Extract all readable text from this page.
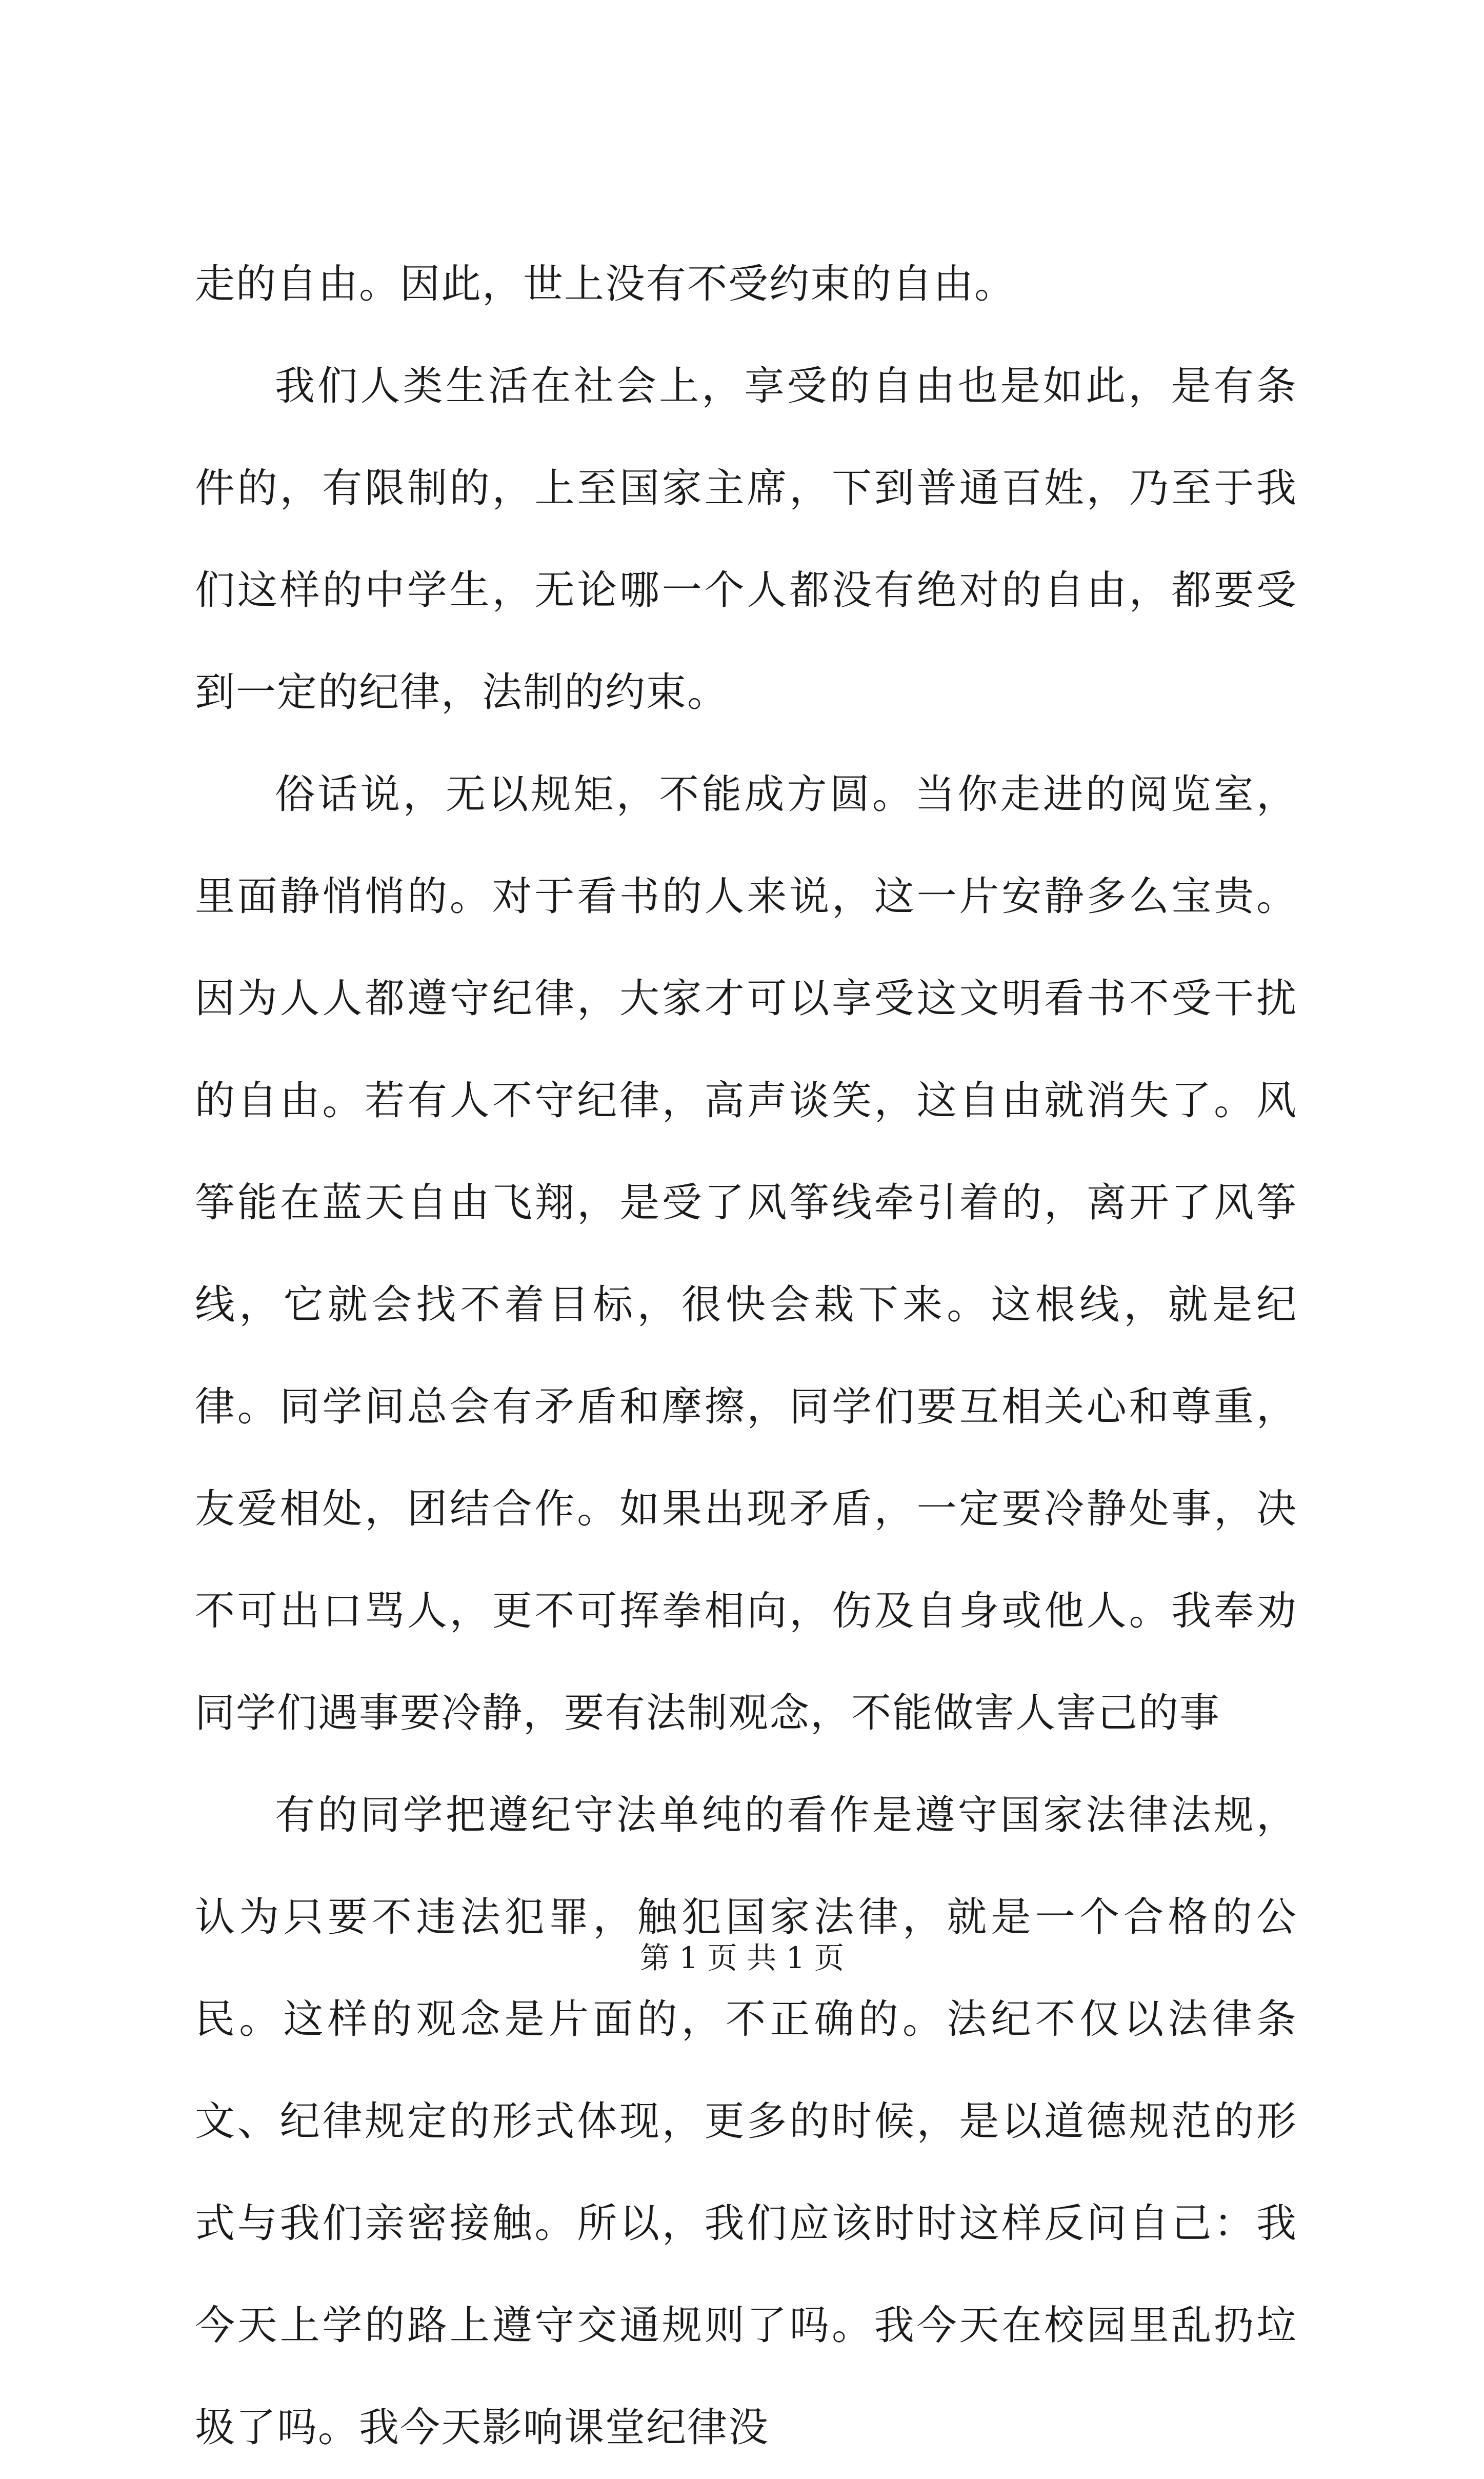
走的自由。因此，世上没有不受约束的自由。

我们人类生活在社会上，享受的自由也是如此，是有条件的，有限制的，上至国家主席，下到普通百姓，乃至于我们这样的中学生，无论哪一个人都没有绝对的自由，都要受到一定的纪律，法制的约束。

俗话说，无以规矩，不能成方圆。当你走进的阅览室，里面静悄悄的。对于看书的人来说，这一片安静多么宝贵。因为人人都遵守纪律，大家才可以享受这文明看书不受干扰的自由。若有人不守纪律，高声谈笑，这自由就消失了。风筝能在蓝天自由飞翔，是受了风筝线牵引着的，离开了风筝线，它就会找不着目标，很快会栽下来。这根线，就是纪律。同学间总会有矛盾和摩擦，同学们要互相关心和尊重，友爱相处，团结合作。如果出现矛盾，一定要冷静处事，决不可出口骂人，更不可挥拳相向，伤及自身或他人。我奉劝同学们遇事要冷静，要有法制观念，不能做害人害己的事

有的同学把遵纪守法单纯的看作是遵守国家法律法规，认为只要不违法犯罪，触犯国家法律，就是一个合格的公民。这样的观念是片面的，不正确的。法纪不仅以法律条文、纪律规定的形式体现，更多的时候，是以道德规范的形式与我们亲密接触。所以，我们应该时时这样反问自己：我今天上学的路上遵守交通规则了吗。我今天在校园里乱扔垃圾了吗。我今天影响课堂纪律没

第 1 页 共 1 页
